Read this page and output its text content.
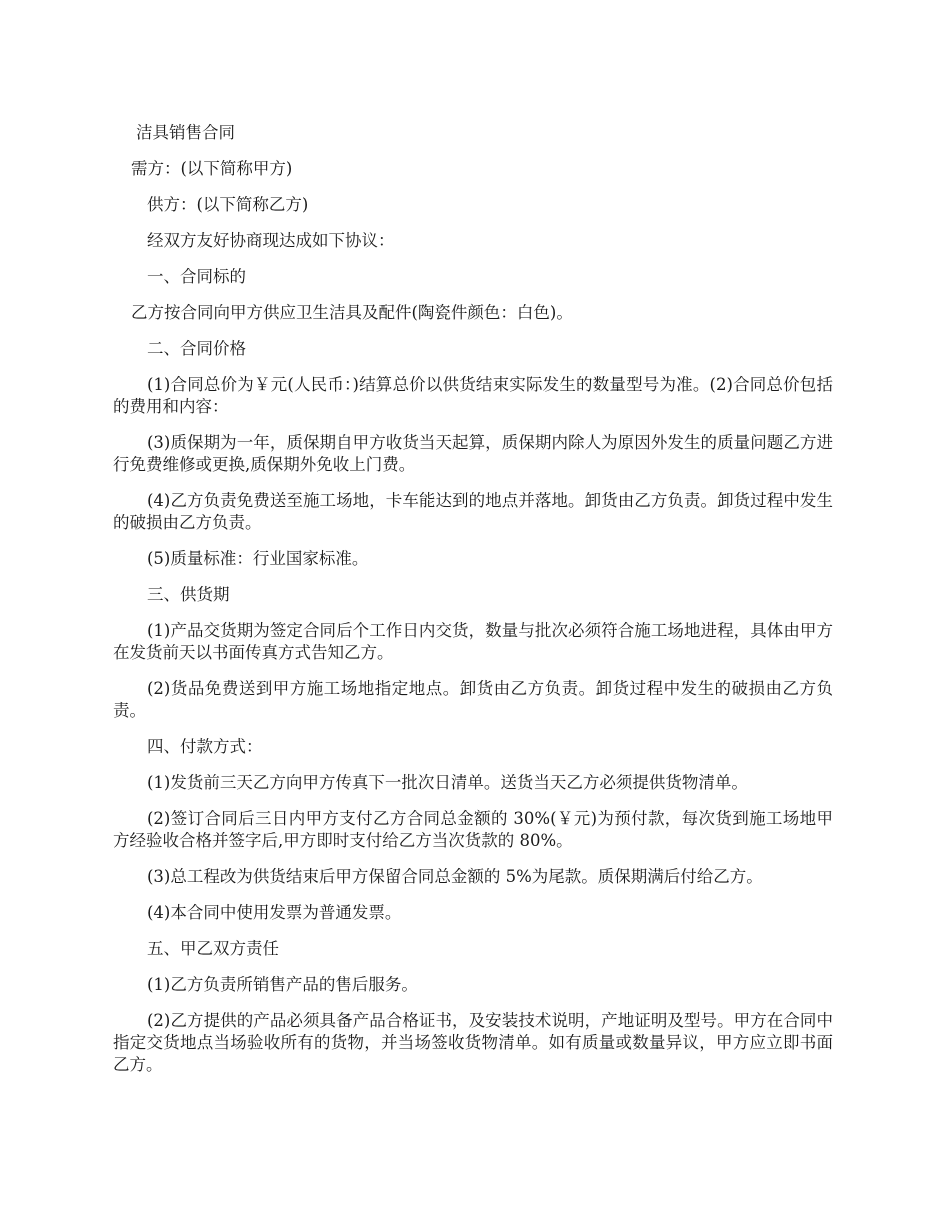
洁具销售合同

需方：(以下简称甲方)

供方：(以下简称乙方)

经双方友好协商现达成如下协议：

一、合同标的

乙方按合同向甲方供应卫生洁具及配件(陶瓷件颜色：白色)。

二、合同价格

(1)合同总价为￥元(人民币：)结算总价以供货结束实际发生的数量型号为准。(2)合同总价包括的费用和内容：

(3)质保期为一年，质保期自甲方收货当天起算，质保期内除人为原因外发生的质量问题乙方进行免费维修或更换,质保期外免收上门费。

(4)乙方负责免费送至施工场地，卡车能达到的地点并落地。卸货由乙方负责。卸货过程中发生的破损由乙方负责。

(5)质量标准：行业国家标准。

三、供货期

(1)产品交货期为签定合同后个工作日内交货，数量与批次必须符合施工场地进程，具体由甲方在发货前天以书面传真方式告知乙方。

(2)货品免费送到甲方施工场地指定地点。卸货由乙方负责。卸货过程中发生的破损由乙方负责。

四、付款方式：

(1)发货前三天乙方向甲方传真下一批次日清单。送货当天乙方必须提供货物清单。

(2)签订合同后三日内甲方支付乙方合同总金额的 30%(￥元)为预付款，每次货到施工场地甲方经验收合格并签字后,甲方即时支付给乙方当次货款的 80%。

(3)总工程改为供货结束后甲方保留合同总金额的 5%为尾款。质保期满后付给乙方。

(4)本合同中使用发票为普通发票。

五、甲乙双方责任

(1)乙方负责所销售产品的售后服务。

(2)乙方提供的产品必须具备产品合格证书，及安装技术说明，产地证明及型号。甲方在合同中指定交货地点当场验收所有的货物，并当场签收货物清单。如有质量或数量异议，甲方应立即书面乙方。
